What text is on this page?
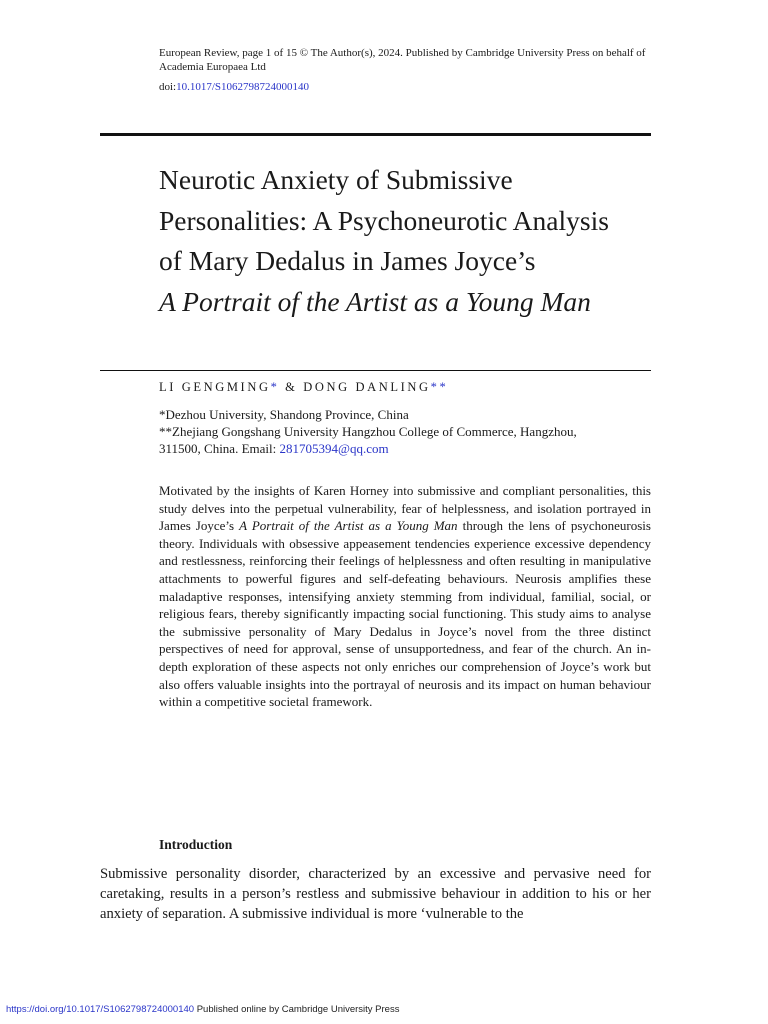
European Review, page 1 of 15 © The Author(s), 2024. Published by Cambridge University Press on behalf of Academia Europaea Ltd
doi:10.1017/S1062798724000140
Neurotic Anxiety of Submissive
Personalities: A Psychoneurotic Analysis
of Mary Dedalus in James Joyce’s
A Portrait of the Artist as a Young Man
LI GENGMING* & DONG DANLING**
*Dezhou University, Shandong Province, China
**Zhejiang Gongshang University Hangzhou College of Commerce, Hangzhou,
311500, China. Email: 281705394@qq.com

Motivated by the insights of Karen Horney into submissive and compliant personalities, this study delves into the perpetual vulnerability, fear of helplessness, and isolation portrayed in James Joyce’s A Portrait of the Artist as a Young Man through the lens of psychoneurosis theory. Individuals with obsessive appeasement tendencies experience excessive dependency and restlessness, reinforcing their feelings of helplessness and often resulting in manipulative attachments to powerful figures and self-defeating behaviours. Neurosis amplifies these maladaptive responses, intensifying anxiety stemming from individual, familial, social, or religious fears, thereby significantly impacting social functioning. This study aims to analyse the submissive personality of Mary Dedalus in Joyce’s novel from the three distinct perspectives of need for approval, sense of unsupportedness, and fear of the church. An in-depth exploration of these aspects not only enriches our comprehension of Joyce’s work but also offers valuable insights into the portrayal of neurosis and its impact on human behaviour within a competitive societal framework.

Introduction

Submissive personality disorder, characterized by an excessive and pervasive need for caretaking, results in a person’s restless and submissive behaviour in addition to his or her anxiety of separation. A submissive individual is more ‘vulnerable to the

https://doi.org/10.1017/S1062798724000140 Published online by Cambridge University Press
